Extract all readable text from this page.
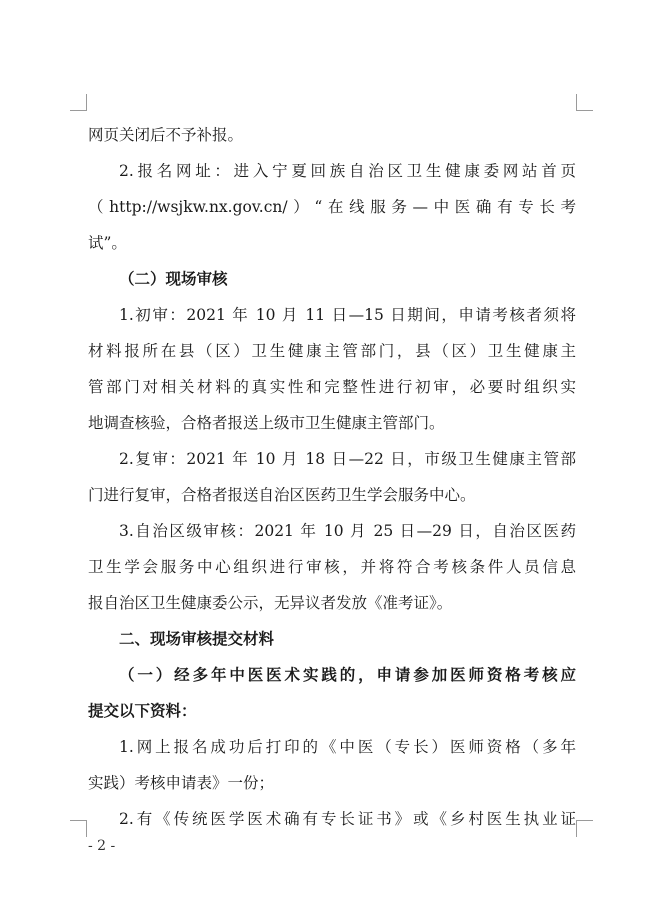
网页关闭后不予补报。
2.报名网址：进入宁夏回族自治区卫生健康委网站首页
（http://wsjkw.nx.gov.cn/）“在线服务—中医确有专长考
试”。
（二）现场审核
1.初审：2021 年 10 月 11 日—15 日期间，申请考核者须将
材料报所在县（区）卫生健康主管部门，县（区）卫生健康主
管部门对相关材料的真实性和完整性进行初审，必要时组织实
地调查核验，合格者报送上级市卫生健康主管部门。
2.复审：2021 年 10 月 18 日—22 日，市级卫生健康主管部
门进行复审，合格者报送自治区医药卫生学会服务中心。
3.自治区级审核：2021 年 10 月 25 日—29 日，自治区医药
卫生学会服务中心组织进行审核，并将符合考核条件人员信息
报自治区卫生健康委公示，无异议者发放《准考证》。
二、现场审核提交材料
（一）经多年中医医术实践的，申请参加医师资格考核应
提交以下资料：
1.网上报名成功后打印的《中医（专长）医师资格（多年
实践）考核申请表》一份；
2.有《传统医学医术确有专长证书》或《乡村医生执业证
- 2 -
